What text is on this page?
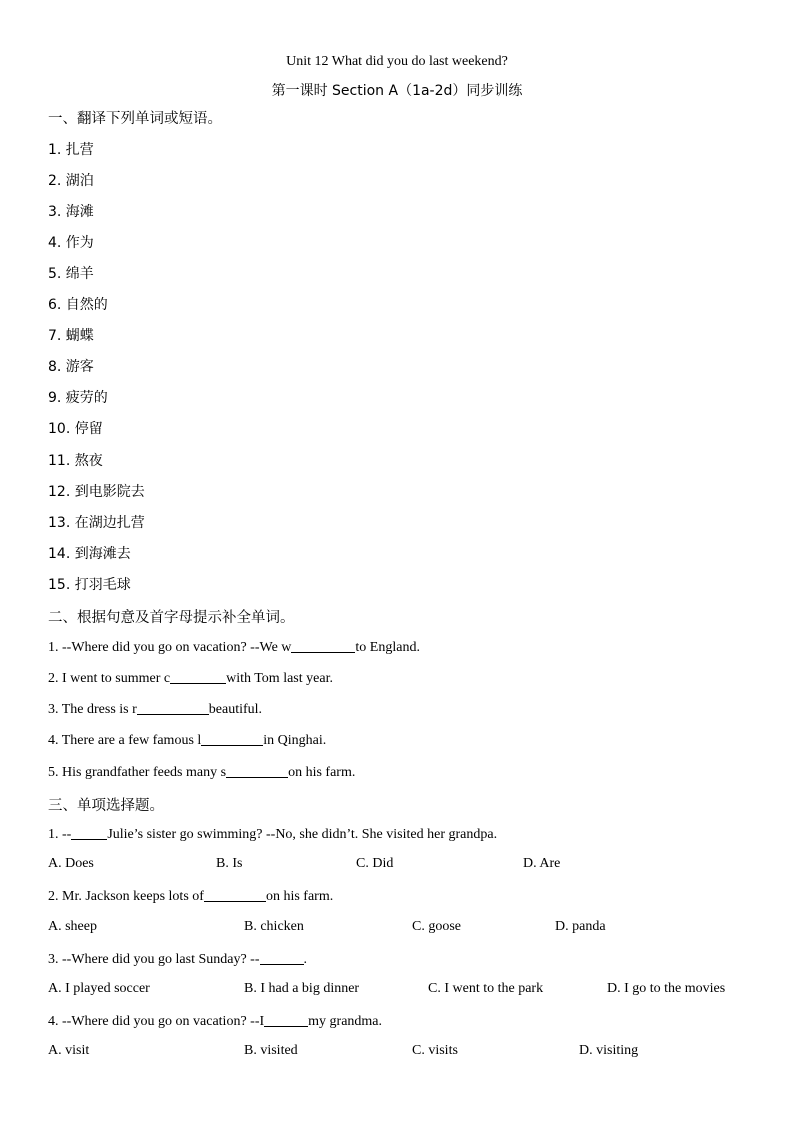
Unit 12 What did you do last weekend?
第一课时 Section A（1a-2d）同步训练
一、翻译下列单词或短语。
1. 扎营
2. 湖泊
3. 海滩
4. 作为
5. 绵羊
6. 自然的
7. 蝴蝶
8. 游客
9. 疲劳的
10. 停留
11. 熬夜
12. 到电影院去
13. 在湖边扎营
14. 到海滩去
15. 打羽毛球
二、根据句意及首字母提示补全单词。
1. --Where did you go on vacation? --We w	to England.
2. I went to summer c	with Tom last year.
3. The dress is r	beautiful.
4. There are a few famous l	in Qinghai.
5. His grandfather feeds many s	on his farm.
三、单项选择题。
1. --	Julie’s sister go swimming? --No, she didn’t. She visited her grandpa.
A. Does	B. Is	C. Did	D. Are
2. Mr. Jackson keeps lots of	on his farm.
A. sheep	B. chicken	C. goose	D. panda
3. --Where did you go last Sunday? --	.
A. I played soccer	B. I had a big dinner	C. I went to the park	D. I go to the movies
4. --Where did you go on vacation? --I	my grandma.
A. visit	B. visited	C. visits	D. visiting
